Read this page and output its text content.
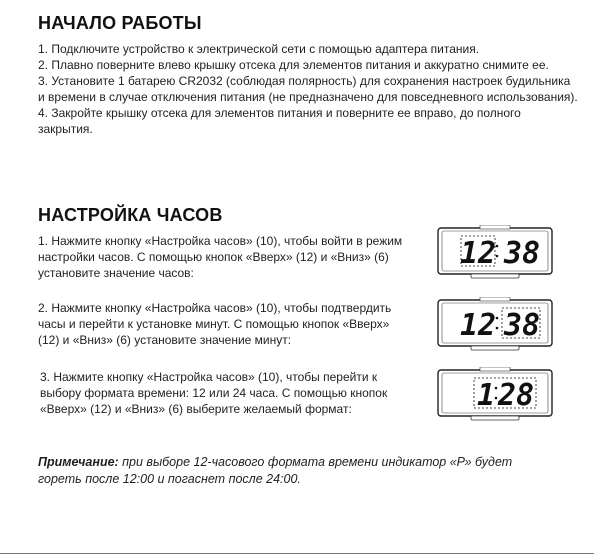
НАЧАЛО РАБОТЫ
1. Подключите устройство к электрической сети с помощью адаптера питания.
2. Плавно поверните влево крышку отсека для элементов питания и аккуратно снимите ее.
3. Установите 1 батарею CR2032 (соблюдая полярность) для сохранения настроек будильника и времени в случае отключения питания (не предназначено для повседневного использования).
4. Закройте крышку отсека для элементов питания и поверните ее вправо, до полного закрытия.
НАСТРОЙКА ЧАСОВ
1. Нажмите кнопку «Настройка часов» (10), чтобы войти в режим настройки часов. С помощью кнопок «Вверх» (12) и «Вниз» (6) установите значение часов:
2. Нажмите кнопку «Настройка часов» (10), чтобы подтвердить часы и перейти к установке минут. С помощью кнопок «Вверх» (12) и «Вниз» (6) установите значение минут:
3. Нажмите кнопку «Настройка часов» (10), чтобы перейти к выбору формата времени: 12 или 24 часа. С помощью кнопок «Вверх» (12) и «Вниз» (6) выберите желаемый формат:
12 38
12 38
1 28

Примечание: при выборе 12-часового формата времени индикатор «Р» будет гореть после 12:00 и погаснет после 24:00.
